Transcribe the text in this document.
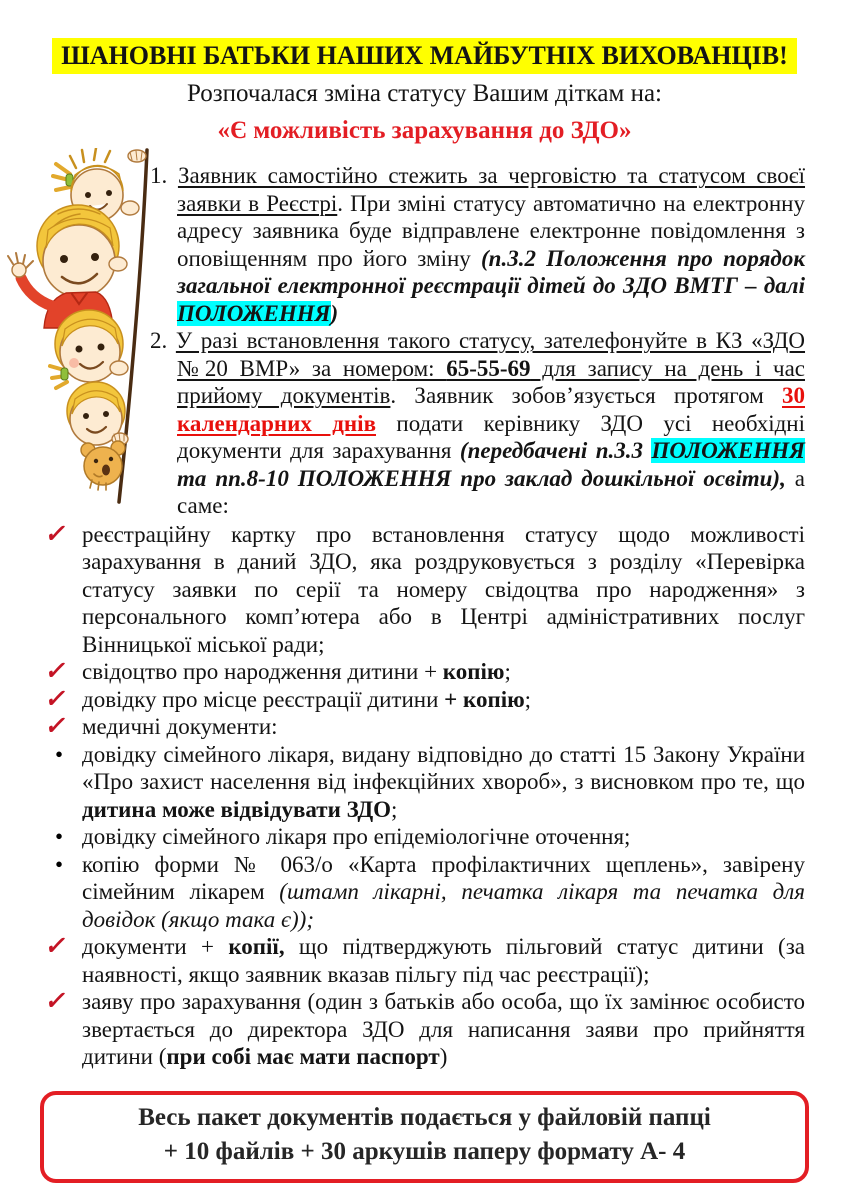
ШАНОВНІ БАТЬКИ НАШИХ МАЙБУТНІХ ВИХОВАНЦІВ!
Розпочалася зміна статусу Вашим діткам на:
«Є можливість зарахування до ЗДО»
1. Заявник самостійно стежить за черговістю та статусом своєї заявки в Реєстрі. При зміні статусу автоматично на електронну адресу заявника буде відправлене електронне повідомлення з оповіщенням про його зміну (п.3.2 Положення про порядок загальної електронної реєстрації дітей до ЗДО ВМТГ – далі ПОЛОЖЕННЯ)
2. У разі встановлення такого статусу, зателефонуйте в КЗ «ЗДО №20 ВМР» за номером: 65-55-69 для запису на день і час прийому документів. Заявник зобов’язується протягом 30 календарних днів подати керівнику ЗДО усі необхідні документи для зарахування (передбачені п.3.3 ПОЛОЖЕННЯ та пп.8-10 ПОЛОЖЕННЯ про заклад дошкільної освіти), а саме:
✓ реєстраційну картку про встановлення статусу щодо можливості зарахування в даний ЗДО, яка роздруковується з розділу «Перевірка статусу заявки по серії та номеру свідоцтва про народження» з персонального комп’ютера або в Центрі адміністративних послуг Вінницької міської ради;
✓ свідоцтво про народження дитини + копію;
✓ довідку про місце реєстрації дитини + копію;
✓ медичні документи:
• довідку сімейного лікаря, видану відповідно до статті 15 Закону України «Про захист населення від інфекційних хвороб», з висновком про те, що дитина може відвідувати ЗДО;
• довідку сімейного лікаря про епідеміологічне оточення;
• копію форми № 063/о «Карта профілактичних щеплень», завірену сімейним лікарем (штамп лікарні, печатка лікаря та печатка для довідок (якщо така є));
✓ документи + копії, що підтверджують пільговий статус дитини (за наявності, якщо заявник вказав пільгу під час реєстрації);
✓ заяву про зарахування (один з батьків або особа, що їх замінює особисто звертається до директора ЗДО для написання заяви про прийняття дитини (при собі має мати паспорт)
Весь пакет документів подається у файловій папці
+ 10 файлів + 30 аркушів паперу формату А- 4
